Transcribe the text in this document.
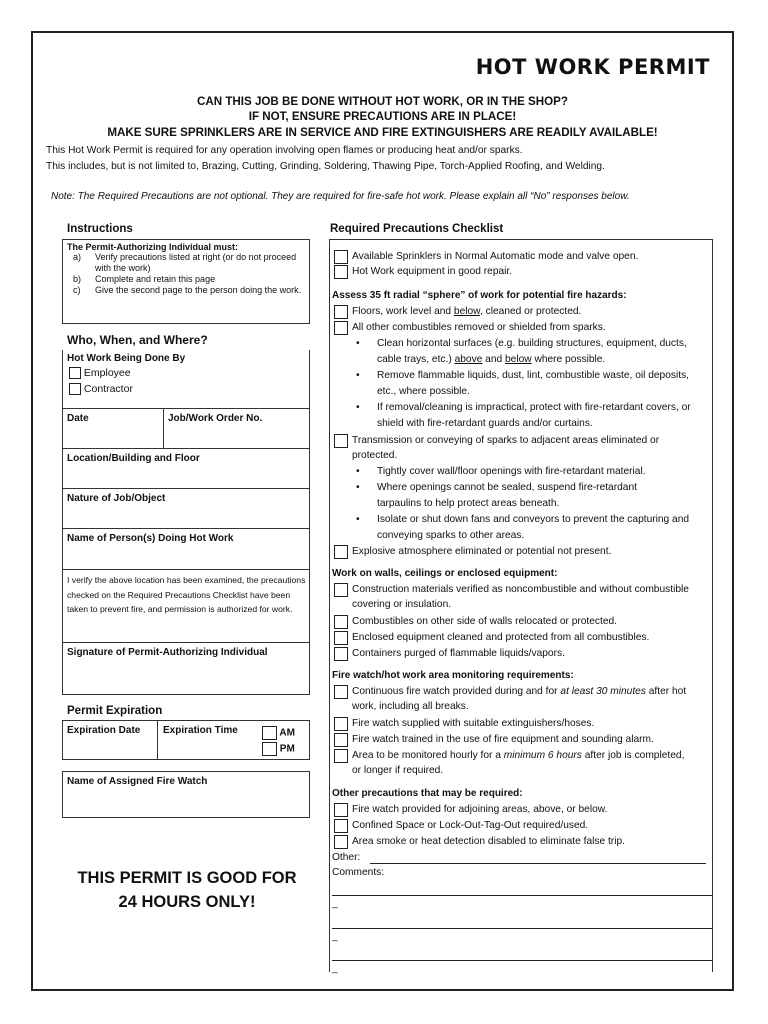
HOT WORK PERMIT
CAN THIS JOB BE DONE WITHOUT HOT WORK, OR IN THE SHOP?
IF NOT, ENSURE PRECAUTIONS ARE IN PLACE!
MAKE SURE SPRINKLERS ARE IN SERVICE AND FIRE EXTINGUISHERS ARE READILY AVAILABLE!
This Hot Work Permit is required for any operation involving open flames or producing heat and/or sparks.
This includes, but is not limited to, Brazing, Cutting, Grinding, Soldering, Thawing Pipe, Torch-Applied Roofing, and Welding.
Note: The Required Precautions are not optional. They are required for fire-safe hot work. Please explain all “No” responses below.
Instructions
The Permit-Authorizing Individual must:
a)	Verify precautions listed at right (or do not proceed with the work)
b)	Complete and retain this page
c)	Give the second page to the person doing the work.
Who, When, and Where?
Hot Work Being Done By
Employee
Contractor
Date	Job/Work Order No.
Location/Building and Floor
Nature of Job/Object
Name of Person(s) Doing Hot Work
I verify the above location has been examined, the precautions checked on the Required Precautions Checklist have been taken to prevent fire, and permission is authorized for work.
Signature of Permit-Authorizing Individual
Permit Expiration
Expiration Date	Expiration Time	AM
PM
Name of Assigned Fire Watch
THIS PERMIT IS GOOD FOR
24 HOURS ONLY!
Required Precautions Checklist
Available Sprinklers in Normal Automatic mode and valve open.
Hot Work equipment in good repair.
Assess 35 ft radial “sphere” of work for potential fire hazards:
Floors, work level and below, cleaned or protected.
All other combustibles removed or shielded from sparks.
• Clean horizontal surfaces (e.g. building structures, equipment, ducts, cable trays, etc.) above and below where possible.
• Remove flammable liquids, dust, lint, combustible waste, oil deposits, etc., where possible.
• If removal/cleaning is impractical, protect with fire-retardant covers, or shield with fire-retardant guards and/or curtains.
Transmission or conveying of sparks to adjacent areas eliminated or protected.
• Tightly cover wall/floor openings with fire-retardant material.
• Where openings cannot be sealed, suspend fire-retardant tarpaulins to help protect areas beneath.
• Isolate or shut down fans and conveyors to prevent the capturing and conveying sparks to other areas.
Explosive atmosphere eliminated or potential not present.
Work on walls, ceilings or enclosed equipment:
Construction materials verified as noncombustible and without combustible covering or insulation.
Combustibles on other side of walls relocated or protected.
Enclosed equipment cleaned and protected from all combustibles.
Containers purged of flammable liquids/vapors.
Fire watch/hot work area monitoring requirements:
Continuous fire watch provided during and for at least 30 minutes after hot work, including all breaks.
Fire watch supplied with suitable extinguishers/hoses.
Fire watch trained in the use of fire equipment and sounding alarm.
Area to be monitored hourly for a minimum 6 hours after job is completed, or longer if required.
Other precautions that may be required:
Fire watch provided for adjoining areas, above, or below.
Confined Space or Lock-Out-Tag-Out required/used.
Area smoke or heat detection disabled to eliminate false trip.
Other:
Comments:
_
_
_
